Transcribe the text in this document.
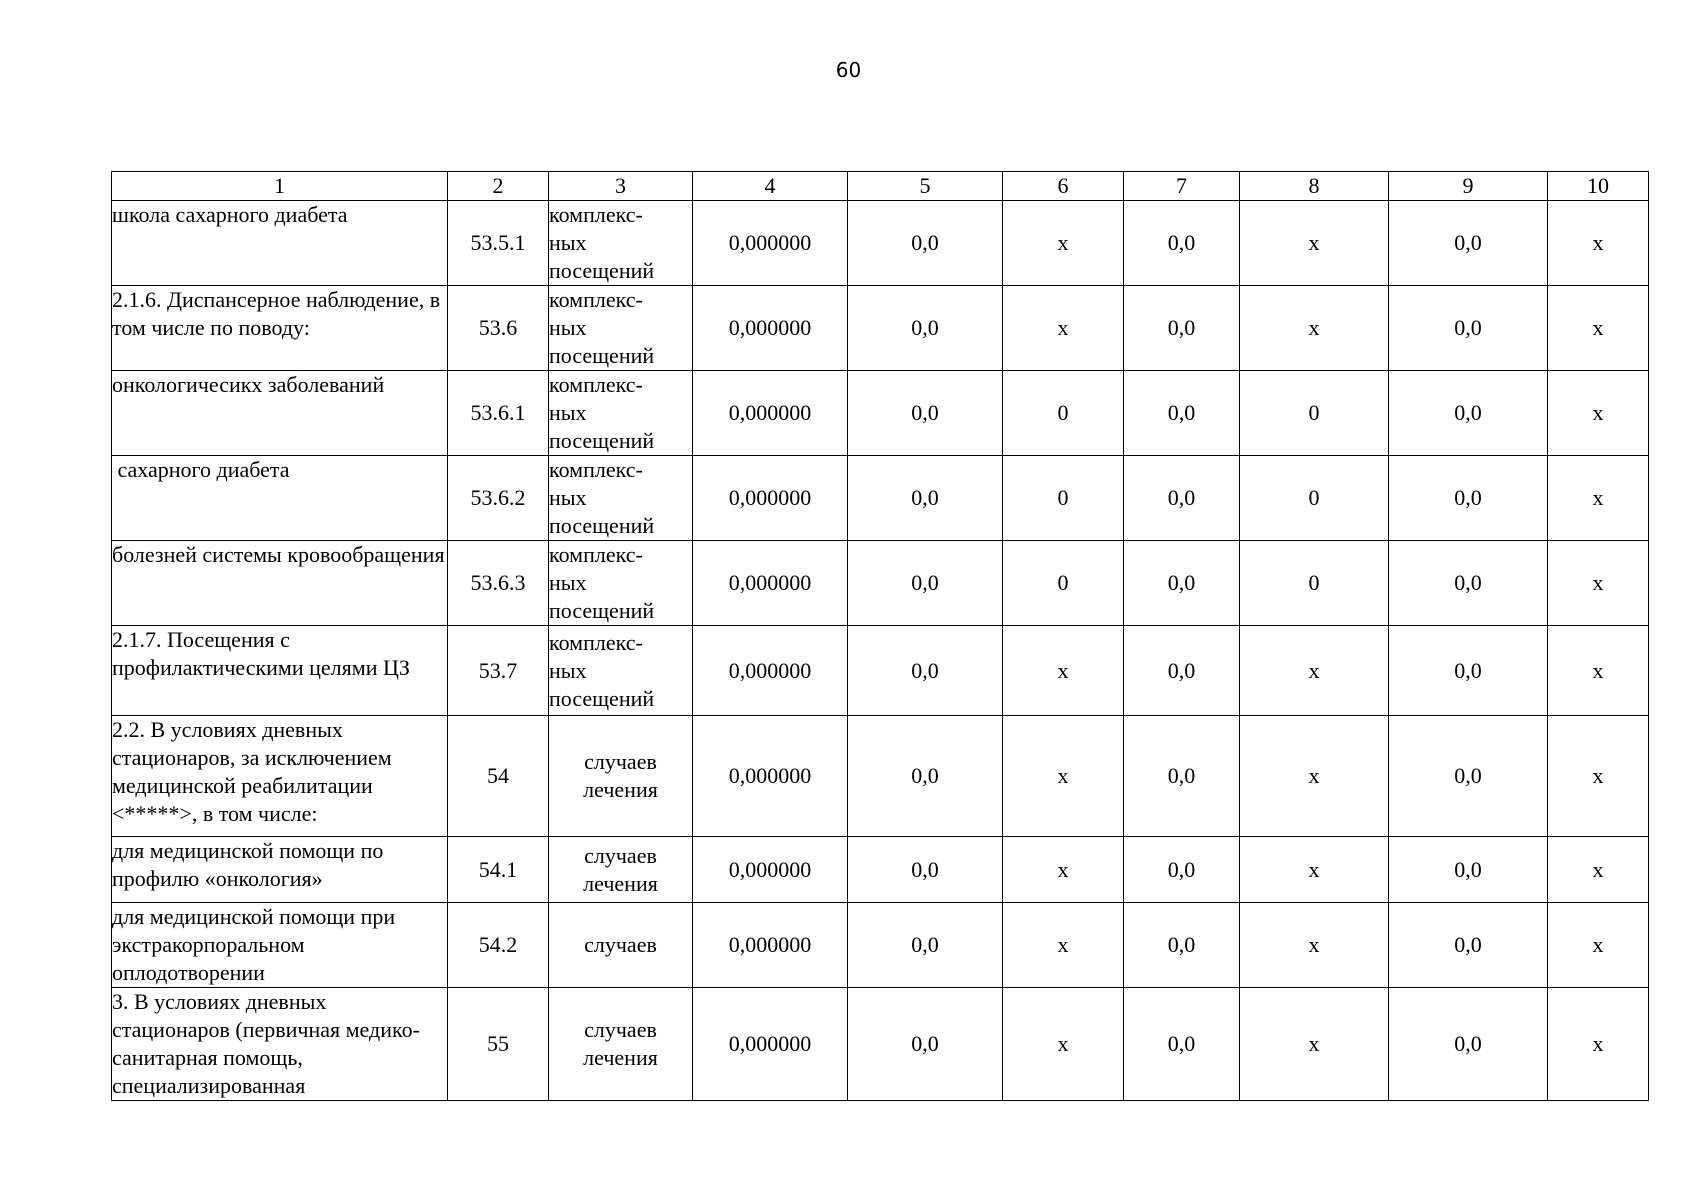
60
1	2	3	4	5	6	7	8	9	10
школа сахарного диабета	53.5.1	комплекс-
ных
посещений	0,000000	0,0	х	0,0	х	0,0	х
2.1.6. Диспансерное наблюдение, в том числе по поводу:	53.6	комплекс-
ных
посещений	0,000000	0,0	х	0,0	х	0,0	х
онкологичесикх заболеваний	53.6.1	комплекс-
ных
посещений	0,000000	0,0	0	0,0	0	0,0	х
сахарного диабета	53.6.2	комплекс-
ных
посещений	0,000000	0,0	0	0,0	0	0,0	х
болезней системы кровообращения	53.6.3	комплекс-
ных
посещений	0,000000	0,0	0	0,0	0	0,0	х
2.1.7. Посещения с профилактическими целями ЦЗ	53.7	комплекс-
ных
посещений	0,000000	0,0	х	0,0	х	0,0	х
2.2. В условиях дневных стационаров, за исключением медицинской реабилитации <*****>, в том числе:	54	случаев
лечения	0,000000	0,0	х	0,0	х	0,0	х
для медицинской помощи по профилю «онкология»	54.1	случаев
лечения	0,000000	0,0	х	0,0	х	0,0	х
для медицинской помощи при экстракорпоральном оплодотворении	54.2	случаев	0,000000	0,0	х	0,0	х	0,0	х
3. В условиях дневных стационаров (первичная медико-санитарная помощь, специализированная	55	случаев
лечения	0,000000	0,0	х	0,0	х	0,0	х
